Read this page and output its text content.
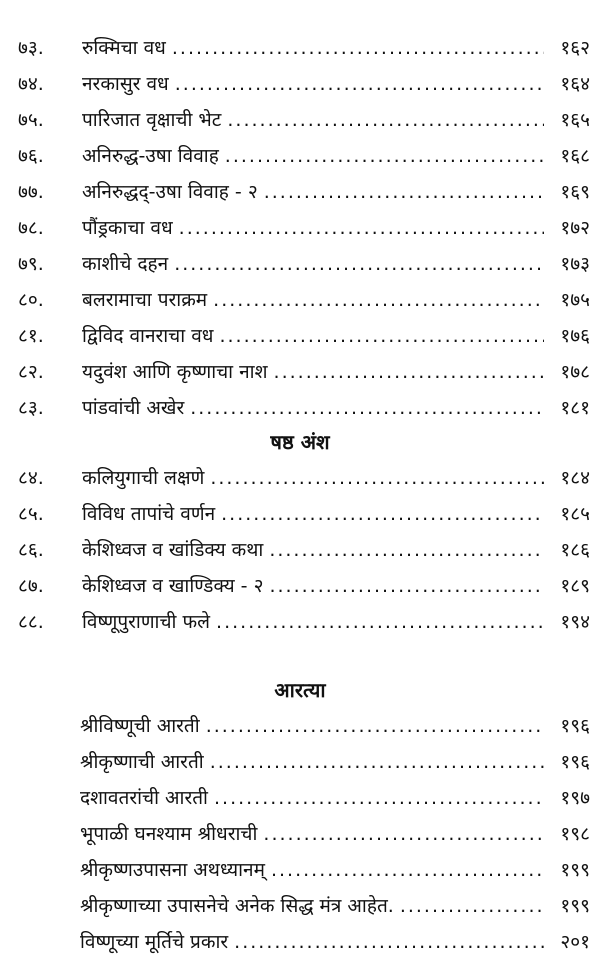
७३.	रुक्मिचा वध .....	१६२
७४.	नरकासुर वध .....	१६४
७५.	पारिजात वृक्षाची भेट .....	१६५
७६.	अनिरुद्ध-उषा विवाह .....	१६८
७७.	अनिरुद्धद्-उषा विवाह - २ .....	१६९
७८.	पौंड्रकाचा वध .....	१७२
७९.	काशीचे दहन .....	१७३
८०.	बलरामाचा पराक्रम .....	१७५
८१.	द्विविद वानराचा वध .....	१७६
८२.	यदुवंश आणि कृष्णाचा नाश .....	१७८
८३.	पांडवांची अखेर .....	१८१
षष्ठ अंश
८४.	कलियुगाची लक्षणे .....	१८४
८५.	विविध तापांचे वर्णन .....	१८५
८६.	केशिध्वज व खांडिक्य कथा .....	१८६
८७.	केशिध्वज व खाण्डिक्य - २ .....	१८९
८८.	विष्णूपुराणाची फले .....	१९४
आरत्या
श्रीविष्णूची आरती .....	१९६
श्रीकृष्णाची आरती .....	१९६
दशावतरांची आरती .....	१९७
भूपाळी घनश्याम श्रीधराची .....	१९८
श्रीकृष्णउपासना अथध्यानम् .....	१९९
श्रीकृष्णाच्या उपासनेचे अनेक सिद्ध मंत्र आहेत. .....	१९९
विष्णूच्या मूर्तिचे प्रकार .....	२०१
